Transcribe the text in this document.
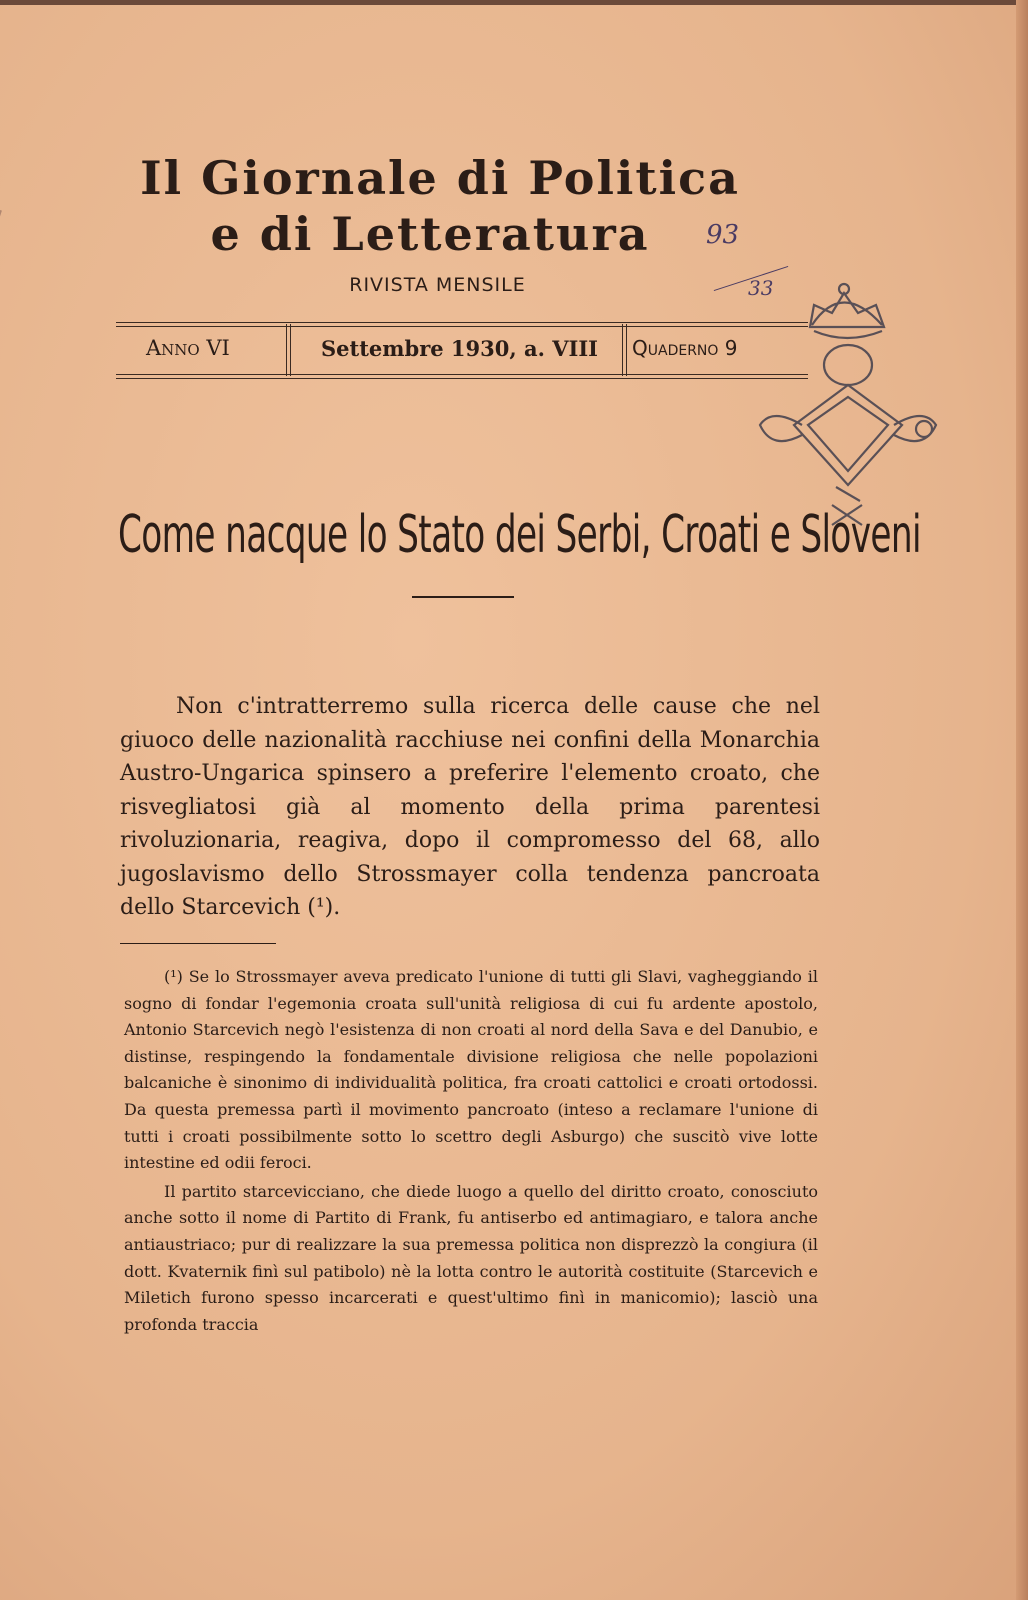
Il Giornale di Politica
e di Letteratura
RIVISTA MENSILE
93
33
Anno VI	Settembre 1930, a. VIII Quaderno 9
Come nacque lo Stato dei Serbi, Croati e Sloveni

Non c'intratterremo sulla ricerca delle cause che nel giuoco delle nazionalità racchiuse nei confini della Monarchia Austro-Ungarica spinsero a preferire l'elemento croato, che risvegliatosi già al momento della prima parentesi rivoluzionaria, reagiva, dopo il compromesso del 68, allo jugoslavismo dello Strossmayer colla tendenza pancroata dello Starcevich (¹).

(¹) Se lo Strossmayer aveva predicato l'unione di tutti gli Slavi, vagheggiando il sogno di fondar l'egemonia croata sull'unità religiosa di cui fu ardente apostolo, Antonio Starcevich negò l'esistenza di non croati al nord della Sava e del Danubio, e distinse, respingendo la fondamentale divisione religiosa che nelle popolazioni balcaniche è sinonimo di individualità politica, fra croati cattolici e croati ortodossi. Da questa premessa partì il movimento pancroato (inteso a reclamare l'unione di tutti i croati possibilmente sotto lo scettro degli Asburgo) che suscitò vive lotte intestine ed odii feroci.

Il partito starcevicciano, che diede luogo a quello del diritto croato, conosciuto anche sotto il nome di Partito di Frank, fu antiserbo ed antimagiaro, e talora anche antiaustriaco; pur di realizzare la sua premessa politica non disprezzò la congiura (il dott. Kvaternik finì sul patibolo) nè la lotta contro le autorità costituite (Starcevich e Miletich furono spesso incarcerati e quest'ultimo finì in manicomio); lasciò una profonda traccia
